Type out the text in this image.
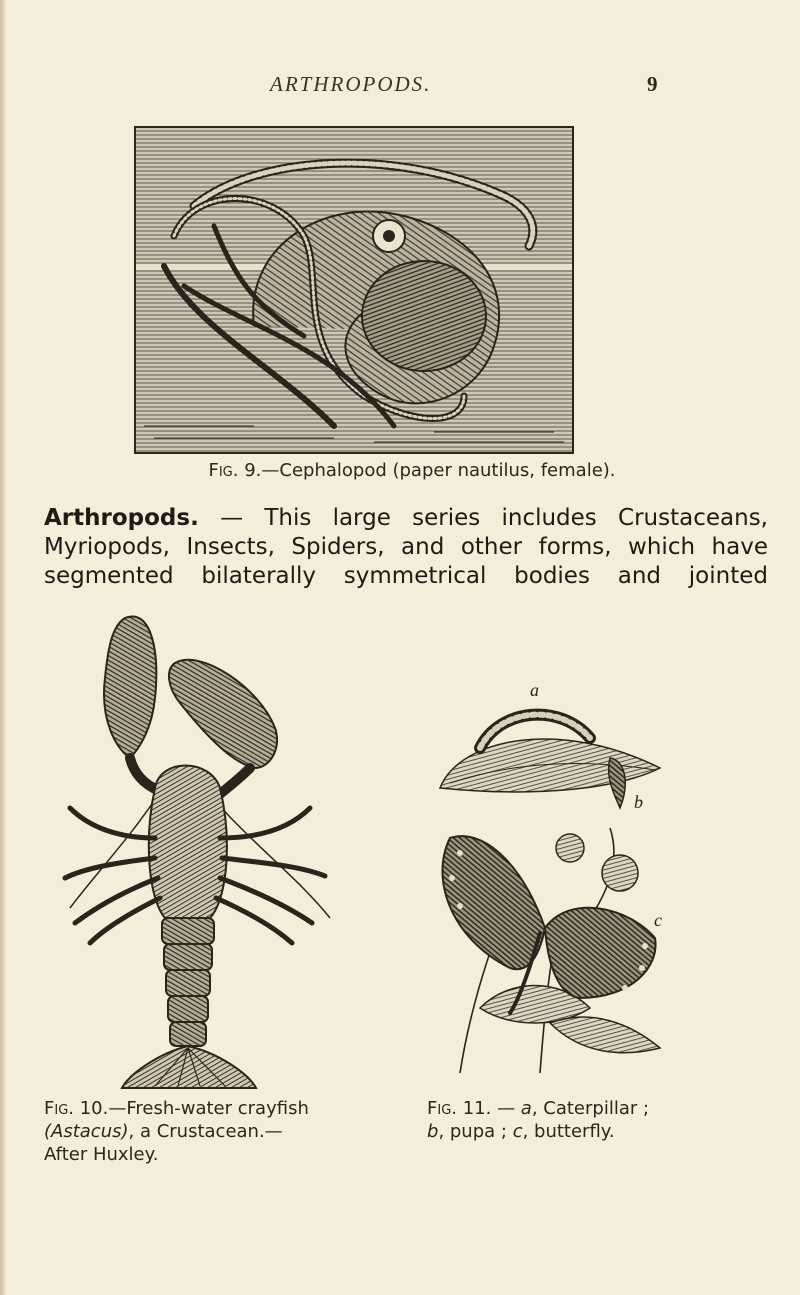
ARTHROPODS.	9
Fig. 9.—Cephalopod (paper nautilus, female).
Arthropods. — This large series includes Crustaceans,
Myriopods, Insects, Spiders, and other forms, which have
segmented bilaterally symmetrical bodies and jointed
a
b
c
Fig. 10.—Fresh-water crayfish
(Astacus), a Crustacean.—
After Huxley.
Fig. 11. — a, Caterpillar ;
b, pupa ; c, butterfly.
